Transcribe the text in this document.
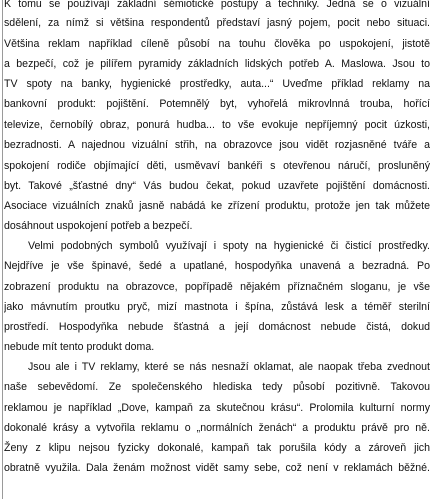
K tomu se používají základní sémiotické postupy a techniky. Jedná se o vizuální
sdělení, za nímž si většina respondentů představí jasný pojem, pocit nebo situaci.
Většina reklam například cíleně působí na touhu člověka po uspokojení, jistotě
a bezpečí, což je pilířem pyramidy základních lidských potřeb A. Maslowa. Jsou to
TV spoty na banky, hygienické prostředky, auta...“ Uveďme příklad reklamy na
bankovní produkt: pojištění. Potemnělý byt, vyhořelá mikrovlnná trouba, hořící
televize, černobílý obraz, ponurá hudba... to vše evokuje nepříjemný pocit úzkosti,
bezradnosti. A najednou vizuální střih, na obrazovce jsou vidět rozjasněné tváře a
spokojení rodiče objímající děti, usměvaví bankéři s otevřenou náručí, prosluněný
byt. Takové „šťastné dny“ Vás budou čekat, pokud uzavřete pojištění domácnosti.
Asociace vizuálních znaků jasně nabádá ke zřízení produktu, protože jen tak můžete
dosáhnout uspokojení potřeb a bezpečí.
Velmi podobných symbolů využívají i spoty na hygienické či čisticí prostředky.
Nejdříve je vše špinavé, šedé a upatlané, hospodyňka unavená a bezradná. Po
zobrazení produktu na obrazovce, popřípadě nějakém příznačném sloganu, je vše
jako mávnutím proutku pryč, mizí mastnota i špína, zůstává lesk a téměř sterilní
prostředí. Hospodyňka nebude šťastná a její domácnost nebude čistá, dokud
nebude mít tento produkt doma.
Jsou ale i TV reklamy, které se nás nesnaží oklamat, ale naopak třeba zvednout
naše sebevědomí. Ze společenského hlediska tedy působí pozitivně. Takovou
reklamou je například „Dove, kampaň za skutečnou krásu“. Prolomila kulturní normy
dokonalé krásy a vytvořila reklamu o „normálních ženách“ a produktu právě pro ně.
Ženy z klipu nejsou fyzicky dokonalé, kampaň tak porušila kódy a zároveň jich
obratně využila. Dala ženám možnost vidět samy sebe, což není v reklamách běžné.
